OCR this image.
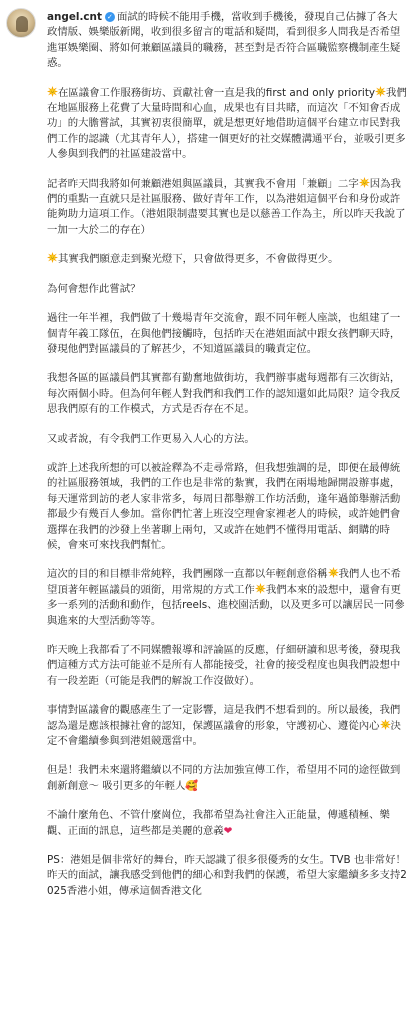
angel.cnt ✓ 面試的時候不能用手機，當收到手機後，發現自己佔據了各大政情版、娛樂版新聞，收到很多留言的電話和疑問，看到很多人問我是否希望進軍娛樂圈、將如何兼顧區議員的職務，甚至對是否符合區職監察機制產生疑惑。
在區議會工作服務街坊、貢獻社會一直是我的first and only priority 我們在地區服務上花費了大量時間和心血，成果也有目共睹，而這次「不知會否成功」的大膽嘗試，其實初衷很簡單，就是想更好地借助這個平台建立市民對我們工作的認識（尤其青年人），搭建一個更好的社交媒體溝通平台，並吸引更多人參與到我們的社區建設當中。
記者昨天問我將如何兼顧港姐與區議員，其實我不會用「兼顧」二字 因為我們的重點一直就只是社區服務、做好青年工作，以為港姐這個平台和身份或許能夠助力這項工作。（港姐限制盡要其實也是以慈善工作為主，所以昨天我說了一加一大於二的存在）
其實我們願意走到聚光燈下，只會做得更多，不會做得更少。
為何會想作此嘗試？
過往一年半裡，我們做了十幾場青年交流會，跟不同年輕人座談，也組建了一個青年義工隊伍，在與他們接觸時，包括昨天在港姐面試中跟女孩們聊天時，發現他們對區議員的了解甚少，不知道區議員的職責定位。
我想各區的區議員們其實都有勤奮地做街坊，我們辦事處每週都有三次街站，每次兩個小時。但為何年輕人對我們和我們工作的認知還如此局限？這令我反思我們原有的工作模式，方式是否存在不足。
又或者說，有令我們工作更易入人心的方法。
或許上述我所想的可以被詮釋為不走尋常路，但我想強調的是，即便在最傳統的社區服務領域，我們的工作也是非常的紮實，我們在兩場地歸開設辦事處，每天運常到訪的老人家非常多，每周日都舉辦工作坊活動，逢年過節舉辦活動都最少有幾百人參加。當你們忙著上班沒空理會家裡老人的時候，或許她們會選擇在我們的沙發上坐著聊上兩句，又或許在她們不懂得用電話、網購的時候，會來可來找我們幫忙。
這次的目的和目標非常純粹，我們團隊一直都以年輕創意俗稱 我們人也不希望頂著年輕區議員的頭銜，用常規的方式工作 我們本來的設想中，還會有更多一系列的活動和動作，包括reels、進校園活動，以及更多可以讓居民一同參與進來的大型活動等等。
昨天晚上我都看了不同媒體報導和評論區的反應，仔細研讀和思考後，發現我們這種方式方法可能並不是所有人都能接受，社會的接受程度也與我們設想中有一段差距（可能是我們的解說工作沒做好）。
事情對區議會的觀感產生了一定影響，這是我們不想看到的。所以最後，我們認為還是應該根據社會的認知，保護區議會的形象，守護初心、遵從內心 決定不會繼續參與到港姐競選當中。
但是！我們未來還將繼續以不同的方法加強宣傳工作，希望用不同的途徑做到創新創意～ 吸引更多的年輕人🥰
不論什麼角色、不管什麼崗位，我都希望為社會注入正能量，傳遞積極、樂觀、正面的訊息，這些都是美麗的意義❤
PS：港姐是個非常好的舞台，昨天認識了很多很優秀的女生。TVB 也非常好！昨天的面試，讓我感受到他們的細心和對我們的保護，希望大家繼續多多支持2025香港小姐，傳承這個香港文化
